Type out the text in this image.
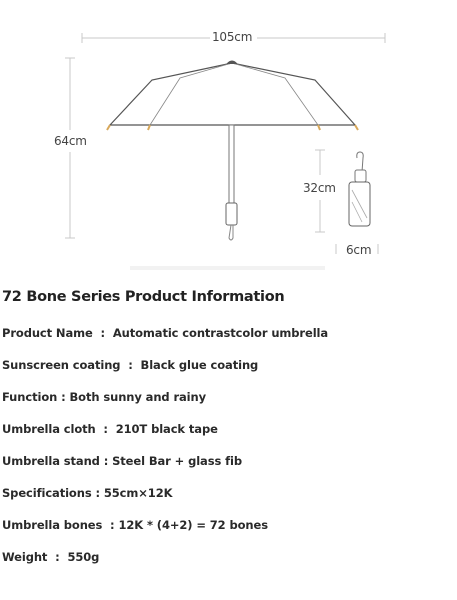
105cm
64cm
32cm
6cm
72 Bone Series Product Information
Product Name  :  Automatic contrastcolor umbrella
Sunscreen coating  :  Black glue coating
Function : Both sunny and rainy
Umbrella cloth  :  210T black tape
Umbrella stand : Steel Bar + glass fib
Specifications : 55cm×12K
Umbrella bones  : 12K * (4+2) = 72 bones
Weight  :  550g
